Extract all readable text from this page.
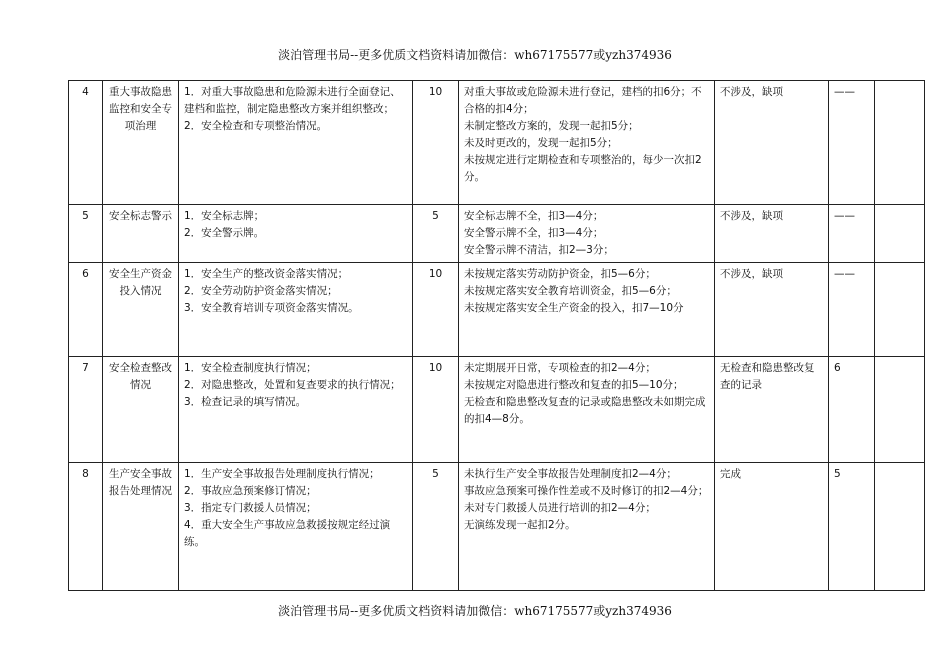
淡泊管理书局--更多优质文档资料请加微信：wh67175577或yzh374936
4	重大事故隐患监控和安全专项治理	1．对重大事故隐患和危险源未进行全面登记、建档和监控，制定隐患整改方案并组织整改；
2．安全检查和专项整治情况。	10	对重大事故或危险源未进行登记，建档的扣6分；不合格的扣4分；
未制定整改方案的，发现一起扣5分；
未及时更改的，发现一起扣5分；
未按规定进行定期检查和专项整治的，每少一次扣2分。	不涉及，缺项	——	
5	安全标志警示	1．安全标志牌；
2．安全警示牌。	5	安全标志牌不全，扣3—4分；
安全警示牌不全，扣3—4分；
安全警示牌不清洁，扣2—3分；	不涉及，缺项	——	
6	安全生产资金投入情况	1．安全生产的整改资金落实情况；
2．安全劳动防护资金落实情况；
3．安全教育培训专项资金落实情况。	10	未按规定落实劳动防护资金，扣5—6分；
未按规定落实安全教育培训资金，扣5—6分；
未按规定落实安全生产资金的投入，扣7—10分	不涉及，缺项	——	
7	安全检查整改情况	1．安全检查制度执行情况；
2．对隐患整改，处置和复查要求的执行情况；
3．检查记录的填写情况。	10	未定期展开日常，专项检查的扣2—4分；
未按规定对隐患进行整改和复查的扣5—10分；
无检查和隐患整改复查的记录或隐患整改未如期完成的扣4—8分。	无检查和隐患整改复查的记录	6	
8	生产安全事故报告处理情况	1．生产安全事故报告处理制度执行情况；
2．事故应急预案修订情况；
3．指定专门救援人员情况；
4．重大安全生产事故应急救援按规定经过演练。	5	未执行生产安全事故报告处理制度扣2—4分；
事故应急预案可操作性差或不及时修订的扣2—4分；
未对专门救援人员进行培训的扣2—4分；
无演练发现一起扣2分。	完成	5	
淡泊管理书局--更多优质文档资料请加微信：wh67175577或yzh374936
